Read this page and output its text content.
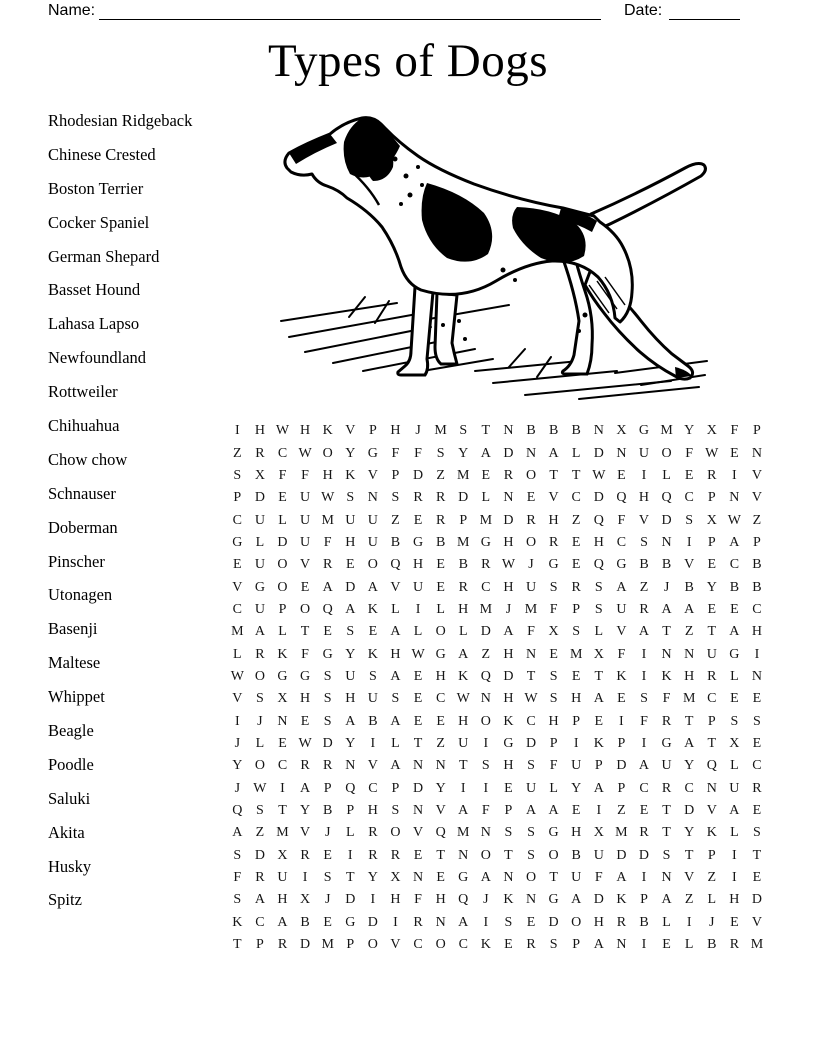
Name:	Date:
Types of Dogs
Rhodesian Ridgeback
Chinese Crested
Boston Terrier
Cocker Spaniel
German Shepard
Basset Hound
Lahasa Lapso
Newfoundland
Rottweiler
Chihuahua
Chow chow
Schnauser
Doberman
Pinscher
Utonagen
Basenji
Maltese
Whippet
Beagle
Poodle
Saluki
Akita
Husky
Spitz
I	H W H K V P H	J M S	T N B B B N X G M Y X F	P
Z R C W O Y G F	F	S Y A D N A L D N U O F W E N
S X F	F H K V P D Z M E R O T	T W E	I	L	E R	I	V
P D E U W S N S	R R D L N E V C D Q H Q C	P N V
C U L U M U U Z	E R	P M D R H Z Q F V D S X W Z
G L D U F H U B G B M G H O R E H C	S N	I	P A P
E U O V R E O Q H E B R W J	G E Q G B B V E C B
V G O E A D A V U E R C H U S	R	S A Z	J	B Y B B
C U P O Q A K L	I	L H M J M F	P	S U R A A E	E C
M A L	T	E	S	E A L O L D A F X S	L V A T	Z	T A H
L R K F G Y K H W G A Z H N E M X F	I	N N U G	I
W O G G S U S A E H K Q D T	S	E	T K	I	K H R L N
V S X H S H U S	E C W N H W S H A E	S	F M C E	E
I	J	N E	S A B A E	E H O K C H P	E	I	F	R T	P	S	S
J	L	E W D Y	I	L	T	Z U	I	G D P	I	K P	I	G A T X E
Y O C R R N V A N N T	S H S	F U P D A U Y Q L C
J W I	A P Q C	P D Y	I	I	E U L Y A P	C R C N U R
Q S	T Y B	P H S N V A F	P A A E	I	Z	E	T D V A E
A Z M V	J	L R O V Q M N S	S G H X M R T Y K L	S
S D X R E	I	R R E	T N O T	S O B U D D S	T	P	I	T
F	R U	I	S	T Y X N E G A N O T U F A	I	N V Z	I	E
S A H X	J	D	I	H F H Q	J	K N G A D K P A Z	L H D
K C A B E G D	I	R N A	I	S	E D O H R B L	I	J	E V
T	P	R D M P O V C O C K E R	S	P A N	I	E	L B R M
